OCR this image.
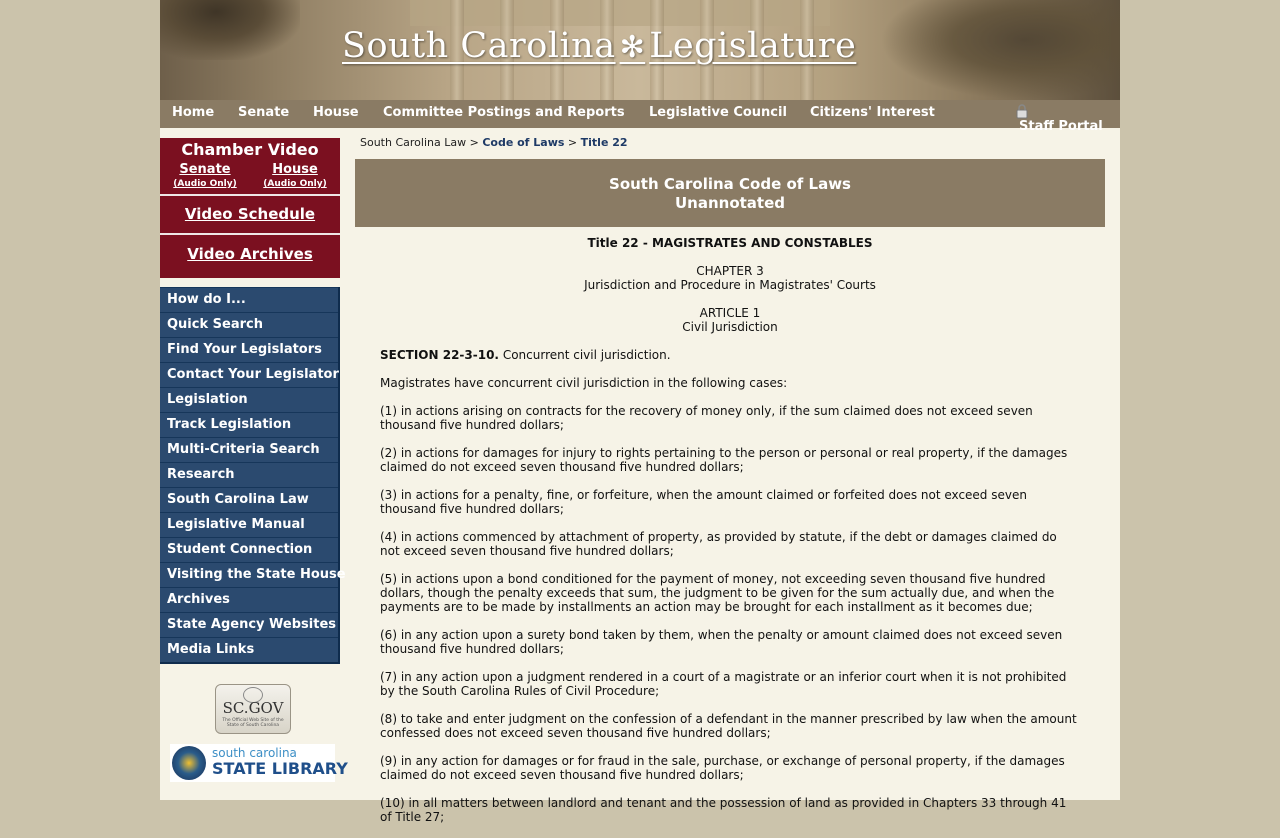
South Carolina ✻ Legislature
Home Senate House Committee Postings and Reports Legislative Council Citizens' Interest
Staff Portal
Chamber Video
Senate	House
(Audio Only)	(Audio Only)
Video Schedule
Video Archives
How do I...
Quick Search
Find Your Legislators
Contact Your Legislator
Legislation
Track Legislation
Multi-Criteria Search
Research
South Carolina Law
Legislative Manual
Student Connection
Visiting the State House
Archives
State Agency Websites
Media Links
SC.GOV
The Official Web Site of the State of South Carolina
south carolina
STATE LIBRARY
South Carolina Law > Code of Laws > Title 22
South Carolina Code of Laws
Unannotated
Title 22 - MAGISTRATES AND CONSTABLES

CHAPTER 3
Jurisdiction and Procedure in Magistrates' Courts

ARTICLE 1
Civil Jurisdiction

SECTION 22-3-10. Concurrent civil jurisdiction.

Magistrates have concurrent civil jurisdiction in the following cases:

(1) in actions arising on contracts for the recovery of money only, if the sum claimed does not exceed seven thousand five hundred dollars;

(2) in actions for damages for injury to rights pertaining to the person or personal or real property, if the damages claimed do not exceed seven thousand five hundred dollars;

(3) in actions for a penalty, fine, or forfeiture, when the amount claimed or forfeited does not exceed seven thousand five hundred dollars;

(4) in actions commenced by attachment of property, as provided by statute, if the debt or damages claimed do not exceed seven thousand five hundred dollars;

(5) in actions upon a bond conditioned for the payment of money, not exceeding seven thousand five hundred dollars, though the penalty exceeds that sum, the judgment to be given for the sum actually due, and when the payments are to be made by installments an action may be brought for each installment as it becomes due;

(6) in any action upon a surety bond taken by them, when the penalty or amount claimed does not exceed seven thousand five hundred dollars;

(7) in any action upon a judgment rendered in a court of a magistrate or an inferior court when it is not prohibited by the South Carolina Rules of Civil Procedure;

(8) to take and enter judgment on the confession of a defendant in the manner prescribed by law when the amount confessed does not exceed seven thousand five hundred dollars;

(9) in any action for damages or for fraud in the sale, purchase, or exchange of personal property, if the damages claimed do not exceed seven thousand five hundred dollars;

(10) in all matters between landlord and tenant and the possession of land as provided in Chapters 33 through 41 of Title 27;
